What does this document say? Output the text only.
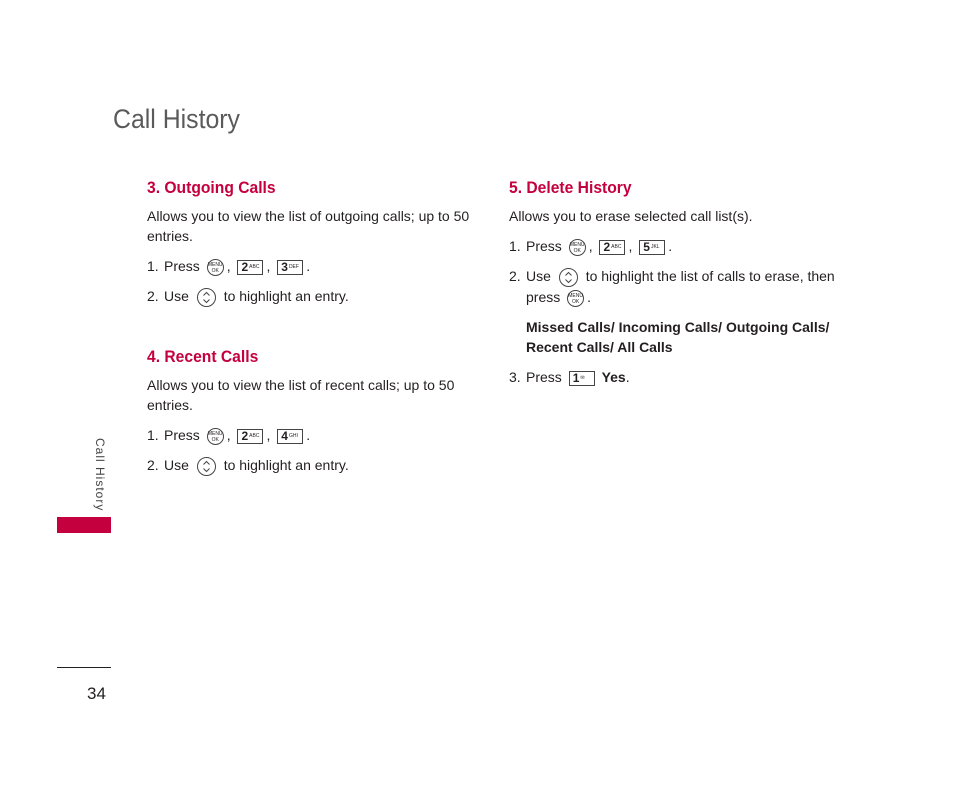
Call History
3. Outgoing Calls
Allows you to view the list of outgoing calls; up to 50 entries.
1. Press MENU OK , $2^{ABC}$ , $3^{DEF}$ .
2. Use to highlight an entry.
4. Recent Calls
Allows you to view the list of recent calls; up to 50 entries.
1. Press MENU OK , $2^{ABC}$ , $4^{GHI}$ .
2. Use to highlight an entry.
5. Delete History
Allows you to erase selected call list(s).
1. Press MENU OK , $2^{ABC}$ , $5^{JKL}$ .
2. Use to highlight the list of calls to erase, then press MENU OK .
Missed Calls/ Incoming Calls/ Outgoing Calls/ Recent Calls/ All Calls
3. Press 1✉ Yes.
Call History
34
